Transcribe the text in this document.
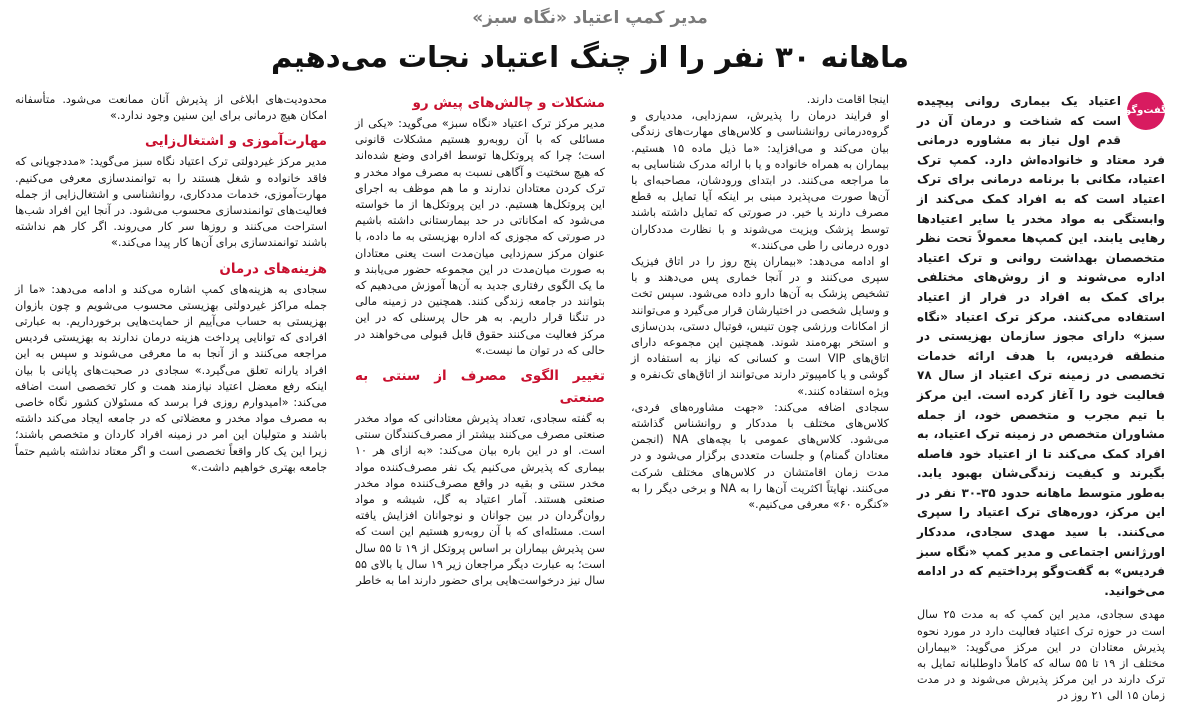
مدیر کمپ اعتیاد «نگاه سبز»
ماهانه ۳۰ نفر را از چنگ اعتیاد نجات می‌دهیم
گفت‌وگو

اعتیاد یک بیماری روانی پیچیده است که شناخت و درمان آن در قدم اول نیاز به مشاوره درمانی فرد معتاد و خانواده‌اش دارد. کمپ ترک اعتیاد، مکانی با برنامه درمانی برای ترک اعتیاد است که به افراد کمک می‌کند از وابستگی به مواد مخدر یا سایر اعتیادها رهایی یابند. این کمپ‌ها معمولاً تحت نظر متخصصان بهداشت روانی و ترک اعتیاد اداره می‌شوند و از روش‌های مختلفی برای کمک به افراد در فرار از اعتیاد استفاده می‌کنند. مرکز ترک اعتیاد «نگاه سبز» دارای مجوز سازمان بهزیستی در منطقه فردیس، با هدف ارائه خدمات تخصصی در زمینه ترک اعتیاد از سال ۷۸ فعالیت خود را آغاز کرده است. این مرکز با تیم مجرب و متخصص خود، از جمله مشاوران متخصص در زمینه ترک اعتیاد، به افراد کمک می‌کند تا از اعتیاد خود فاصله بگیرند و کیفیت زندگی‌شان بهبود یابد. به‌طور متوسط ماهانه حدود ۳۵-۳۰ نفر در این مرکز، دوره‌های ترک اعتیاد را سپری می‌کنند. با سید مهدی سجادی، مددکار اورژانس اجتماعی و مدیر کمپ «نگاه سبز فردیس» به گفت‌وگو پرداختیم که در ادامه می‌خوانید.

مهدی سجادی، مدیر این کمپ که به مدت ۲۵ سال است در حوزه ترک اعتیاد فعالیت دارد در مورد نحوه پذیرش معتادان در این مرکز می‌گوید: «بیماران مختلف از ۱۹ تا ۵۵ ساله که کاملاً داوطلبانه تمایل به ترک دارند در این مرکز پذیرش می‌شوند و در مدت زمان ۱۵ الی ۲۱ روز در

اینجا اقامت دارند.

او فرایند درمان را پذیرش، سم‌زدایی، مددیاری و گروه‌درمانی روانشناسی و کلاس‌های مهارت‌های زندگی بیان می‌کند و می‌افزاید: «ما ذیل ماده ۱۵ هستیم. بیماران به همراه خانواده و یا با ارائه مدرک شناسایی به ما مراجعه می‌کنند. در ابتدای ورودشان، مصاحبه‌ای با آن‌ها صورت می‌پذیرد مبنی بر اینکه آیا تمایل به قطع مصرف دارند یا خیر. در صورتی که تمایل داشته باشند توسط پزشک ویزیت می‌شوند و با نظارت مددکاران دوره درمانی را طی می‌کنند.»

او ادامه می‌دهد: «بیماران پنج روز را در اتاق فیزیک سپری می‌کنند و در آنجا خماری پس می‌دهند و با تشخیص پزشک به آن‌ها دارو داده می‌شود. سپس تخت و وسایل شخصی در اختیارشان قرار می‌گیرد و می‌توانند از امکانات ورزشی چون تنیس، فوتبال دستی، بدن‌سازی و استخر بهره‌مند شوند. همچنین این مجموعه دارای اتاق‌های VIP است و کسانی که نیاز به استفاده از گوشی و یا کامپیوتر دارند می‌توانند از اتاق‌های تک‌نفره و ویژه استفاده کنند.»

سجادی اضافه می‌کند: «جهت مشاوره‌های فردی، کلاس‌های مختلف با مددکار و روانشناس گذاشته می‌شود. کلاس‌های عمومی با بچه‌های NA (انجمن معتادان گمنام) و جلسات متعددی برگزار می‌شود و در مدت زمان اقامتشان در کلاس‌های مختلف شرکت می‌کنند. نهایتاً اکثریت آن‌ها را به NA و برخی دیگر را به «کنگره ۶۰» معرفی می‌کنیم.»

مشکلات و چالش‌های پیش رو

مدیر مرکز ترک اعتیاد «نگاه سبز» می‌گوید: «یکی از مسائلی که با آن روبه‌رو هستیم مشکلات قانونی است؛ چرا که پروتکل‌ها توسط افرادی وضع شده‌اند که هیچ سختیت و آگاهی نسبت به مصرف مواد مخدر و ترک کردن معتادان ندارند و ما هم موظف به اجرای این پروتکل‌ها هستیم. در این پروتکل‌ها از ما خواسته می‌شود که امکاناتی در حد بیمارستانی داشته باشیم در صورتی که مجوزی که اداره بهزیستی به ما داده، با عنوان مرکز سم‌زدایی میان‌مدت است یعنی معتادان به صورت میان‌مدت در این مجموعه حضور می‌یابند و ما یک الگوی رفتاری جدید به آن‌ها آموزش می‌دهیم که بتوانند در جامعه زندگی کنند. همچنین در زمینه مالی در تنگنا قرار داریم. به هر حال پرسنلی که در این مرکز فعالیت می‌کنند حقوق قابل قبولی می‌خواهند در حالی که در توان ما نیست.»

تغییر الگوی مصرف از سنتی به صنعتی

به گفته سجادی، تعداد پذیرش معتادانی که مواد مخدر صنعتی مصرف می‌کنند بیشتر از مصرف‌کنندگان سنتی است. او در این باره بیان می‌کند: «به ازای هر ۱۰ بیماری که پذیرش می‌کنیم یک نفر مصرف‌کننده مواد مخدر سنتی و بقیه در واقع مصرف‌کننده مواد مخدر صنعتی هستند. آمار اعتیاد به گل، شیشه و مواد روان‌گردان در بین جوانان و نوجوانان افزایش یافته است. مسئله‌ای که با آن روبه‌رو هستیم این است که سن پذیرش بیماران بر اساس پروتکل از ۱۹ تا ۵۵ سال است؛ به عبارت دیگر مراجعان زیر ۱۹ سال یا بالای ۵۵ سال نیز درخواست‌هایی برای حضور دارند اما به خاطر

محدودیت‌های ابلاغی از پذیرش آنان ممانعت می‌شود. متأسفانه امکان هیچ درمانی برای این سنین وجود ندارد.»

مهارت‌آموزی و اشتغال‌زایی

مدیر مرکز غیردولتی ترک اعتیاد نگاه سبز می‌گوید: «مددجویانی که فاقد خانواده و شغل هستند را به توانمندسازی معرفی می‌کنیم. مهارت‌آموزی، خدمات مددکاری، روانشناسی و اشتغال‌زایی از جمله فعالیت‌های توانمندسازی محسوب می‌شود. در آنجا این افراد شب‌ها استراحت می‌کنند و روزها سر کار می‌روند. اگر کار هم نداشته باشند توانمندسازی برای آن‌ها کار پیدا می‌کند.»

هزینه‌های درمان

سجادی به هزینه‌های کمپ اشاره می‌کند و ادامه می‌دهد: «ما از جمله مراکز غیردولتی بهزیستی محسوب می‌شویم و چون بازوان بهزیستی به حساب می‌آییم از حمایت‌هایی برخورداریم. به عبارتی افرادی که توانایی پرداخت هزینه درمان ندارند به بهزیستی فردیس مراجعه می‌کنند و از آنجا به ما معرفی می‌شوند و سپس به این افراد یارانه تعلق می‌گیرد.» سجادی در صحبت‌های پایانی با بیان اینکه رفع معضل اعتیاد نیازمند همت و کار تخصصی است اضافه می‌کند: «امیدوارم روزی فرا برسد که مسئولان کشور نگاه خاصی به مصرف مواد مخدر و معضلاتی که در جامعه ایجاد می‌کند داشته باشند و متولیان این امر در زمینه افراد کاردان و متخصص باشند؛ زیرا این یک کار واقعاً تخصصی است و اگر معتاد نداشته باشیم حتماً جامعه بهتری خواهیم داشت.»
